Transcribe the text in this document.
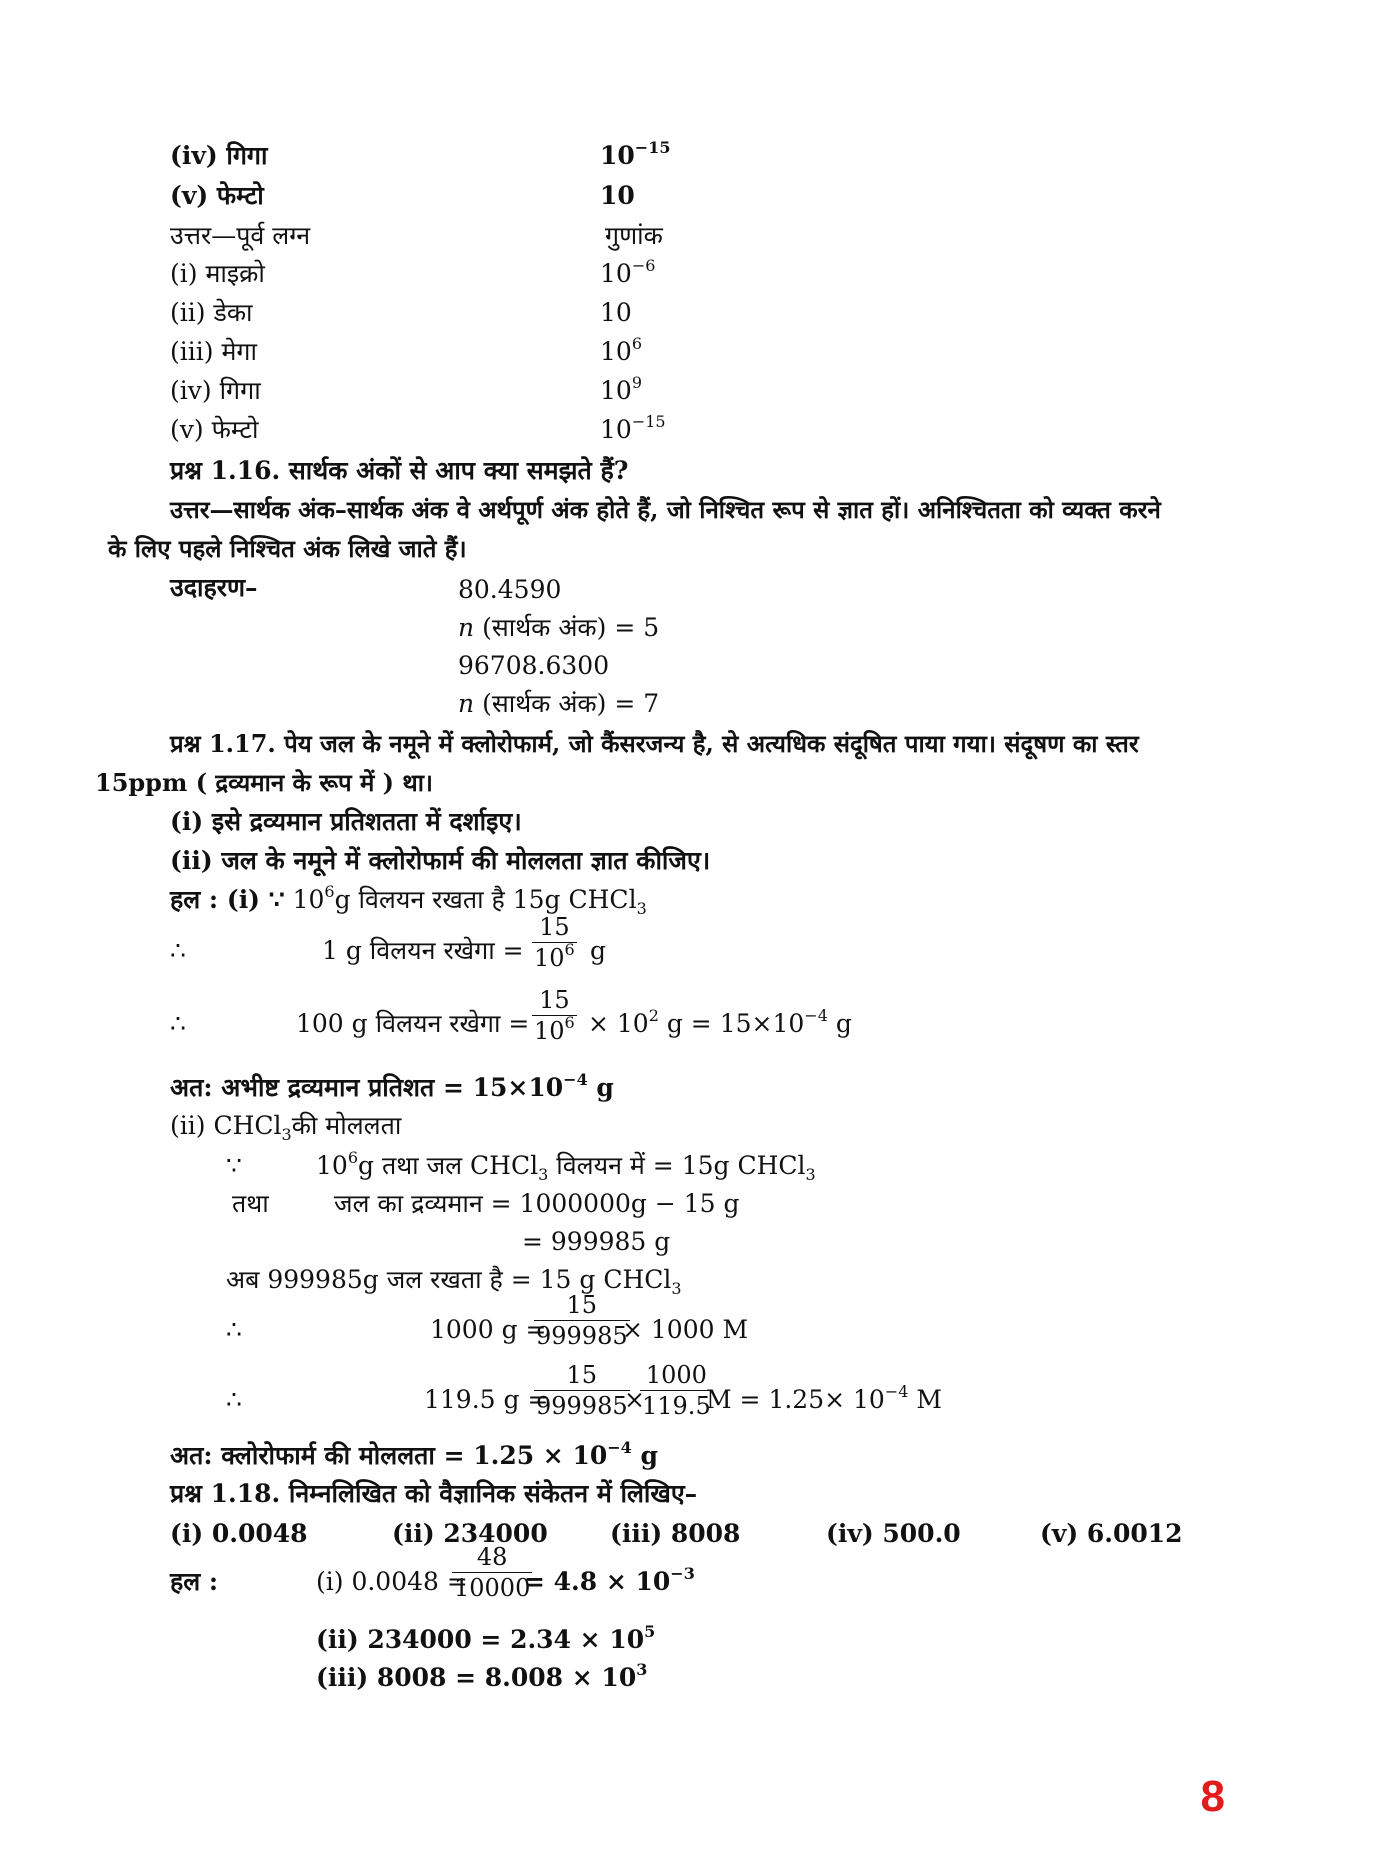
(iv) गिगा	$10^{-15}$
(v) फेम्टो	10
उत्तर—पूर्व लग्न	गुणांक
(i) माइक्रो	$10^{-6}$
(ii) डेका	10
(iii) मेगा	$10^6$
(iv) गिगा	$10^9$
(v) फेम्टो	$10^{-15}$
प्रश्न 1.16. सार्थक अंकों से आप क्या समझते हैं?
उत्तर—सार्थक अंक–सार्थक अंक वे अर्थपूर्ण अंक होते हैं, जो निश्चित रूप से ज्ञात हों। अनिश्चितता को व्यक्त करने
के लिए पहले निश्चित अंक लिखे जाते हैं।
उदाहरण–	80.4590
n (सार्थक अंक) = 5
96708.6300
n (सार्थक अंक) = 7
प्रश्न 1.17. पेय जल के नमूने में क्लोरोफार्म, जो कैंसरजन्य है, से अत्यधिक संदूषित पाया गया। संदूषण का स्तर
15ppm ( द्रव्यमान के रूप में ) था।
(i) इसे द्रव्यमान प्रतिशतता में दर्शाइए।
(ii) जल के नमूने में क्लोरोफार्म की मोललता ज्ञात कीजिए।
हल : (i) ∵ $10^6g$ विलयन रखता है 15g CHCl$_3$
∴	1 g विलयन रखेगा = $\frac{15}{10^6}$ g
∴	100 g विलयन रखेगा = $\frac{15}{10^6} \times 10^2$ $g = 15\times 10^{-4}$ g
अत: अभीष्ट द्रव्यमान प्रतिशत = $15\times 10^{-4}$ g
(ii) CHCl$_3$की मोललता
∵	$10^6g$ तथा जल CHCl$_3$ विलयन में = 15g CHCl$_3$
तथा	जल का द्रव्यमान = 1000000g − 15 g
= 999985 g
अब 999985g जल रखता है = 15 g CHCl$_3$
∴	1000 g =
$\frac{15}{999985}$
× 1000 M
∴	119.5 g =
$\frac{15}{999985}$
×
$\frac{1000}{119.5}$
$M = 1.25\times 10^{-4}$ M
अत: क्लोरोफार्म की मोललता = $1.25 \times 10^{-4}$ g
प्रश्न 1.18. निम्नलिखित को वैज्ञानिक संकेतन में लिखिए–
(i) 0.0048	(ii) 234000 (iii) 8008	(iv) 500.0	(v) 6.0012
हल :	(i) 0.0048 =
$\frac{48}{10000}$
= $4.8 \times 10^{-3}$
(ii) $234000 = 2.34 \times 10^5$
(iii) $8008 = 8.008 \times 10^3$
8
